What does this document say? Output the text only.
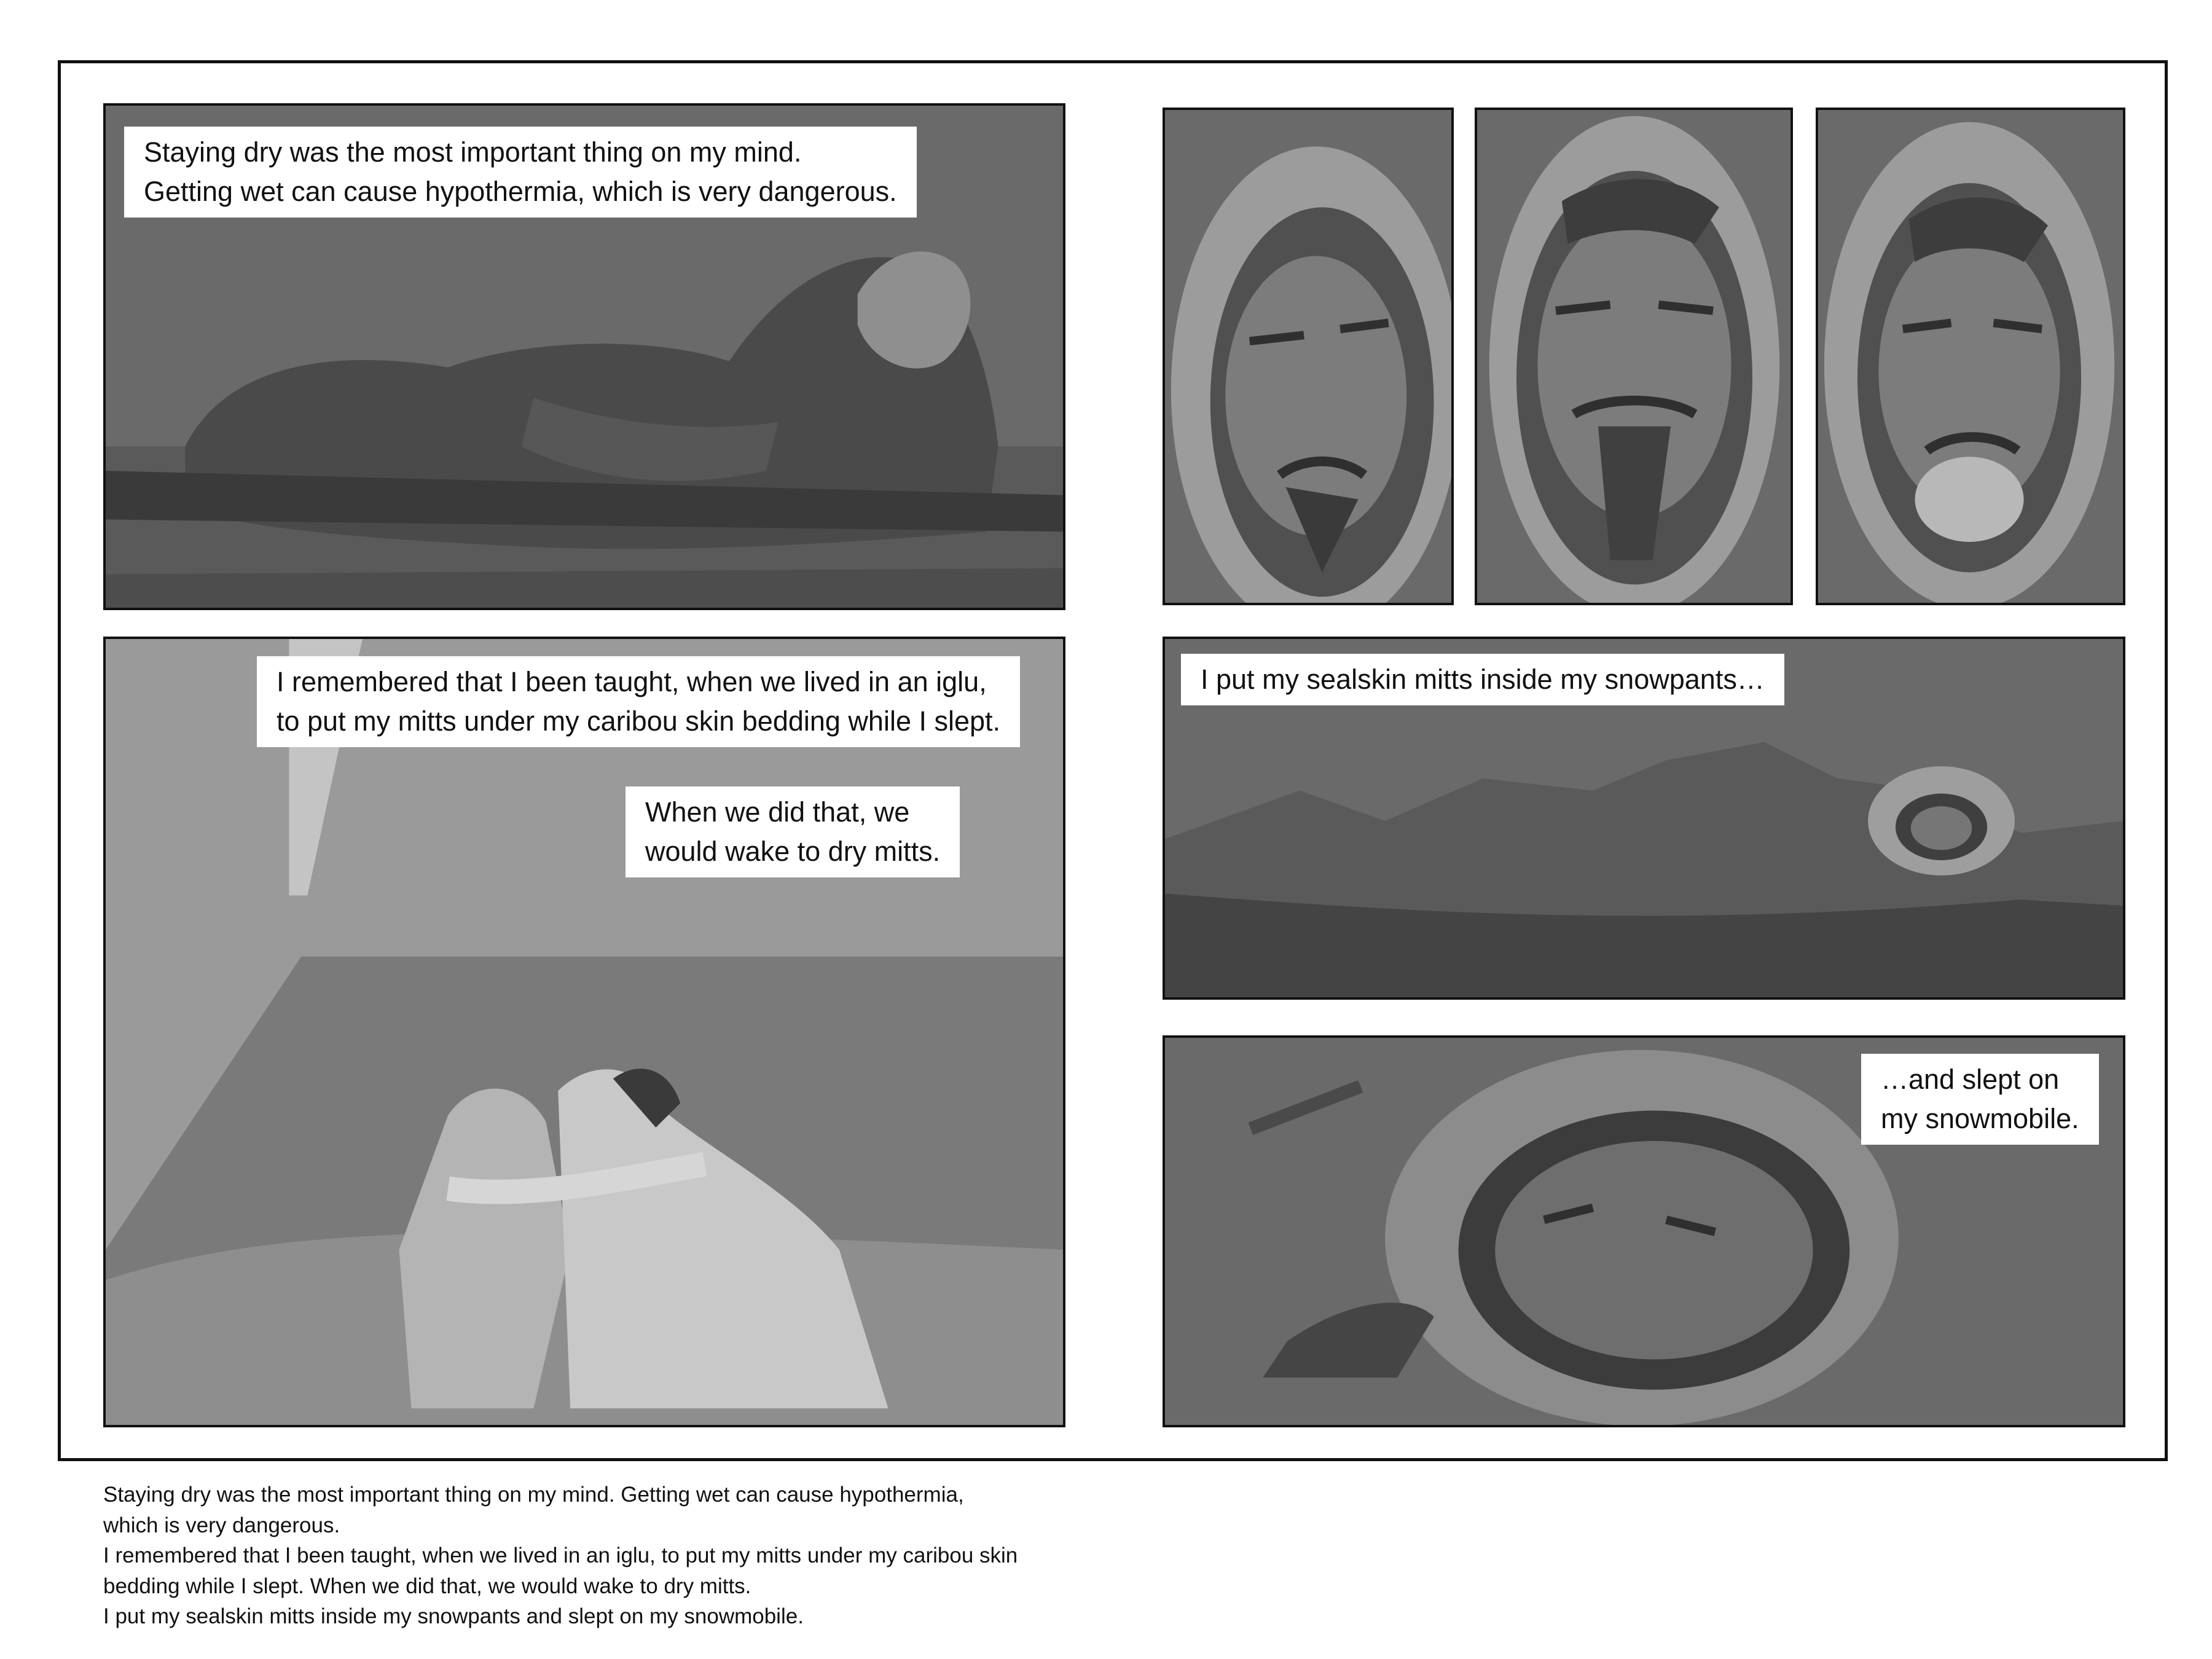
Staying dry was the most important thing on my mind.
Getting wet can cause hypothermia, which is very dangerous.
I remembered that I been taught, when we lived in an iglu,
to put my mitts under my caribou skin bedding while I slept.
When we did that, we
would wake to dry mitts.
I put my sealskin mitts inside my snowpants…
…and slept on
my snowmobile.
Staying dry was the most important thing on my mind. Getting wet can cause hypothermia,
which is very dangerous.
I remembered that I been taught, when we lived in an iglu, to put my mitts under my caribou skin
bedding while I slept. When we did that, we would wake to dry mitts.
I put my sealskin mitts inside my snowpants and slept on my snowmobile.
